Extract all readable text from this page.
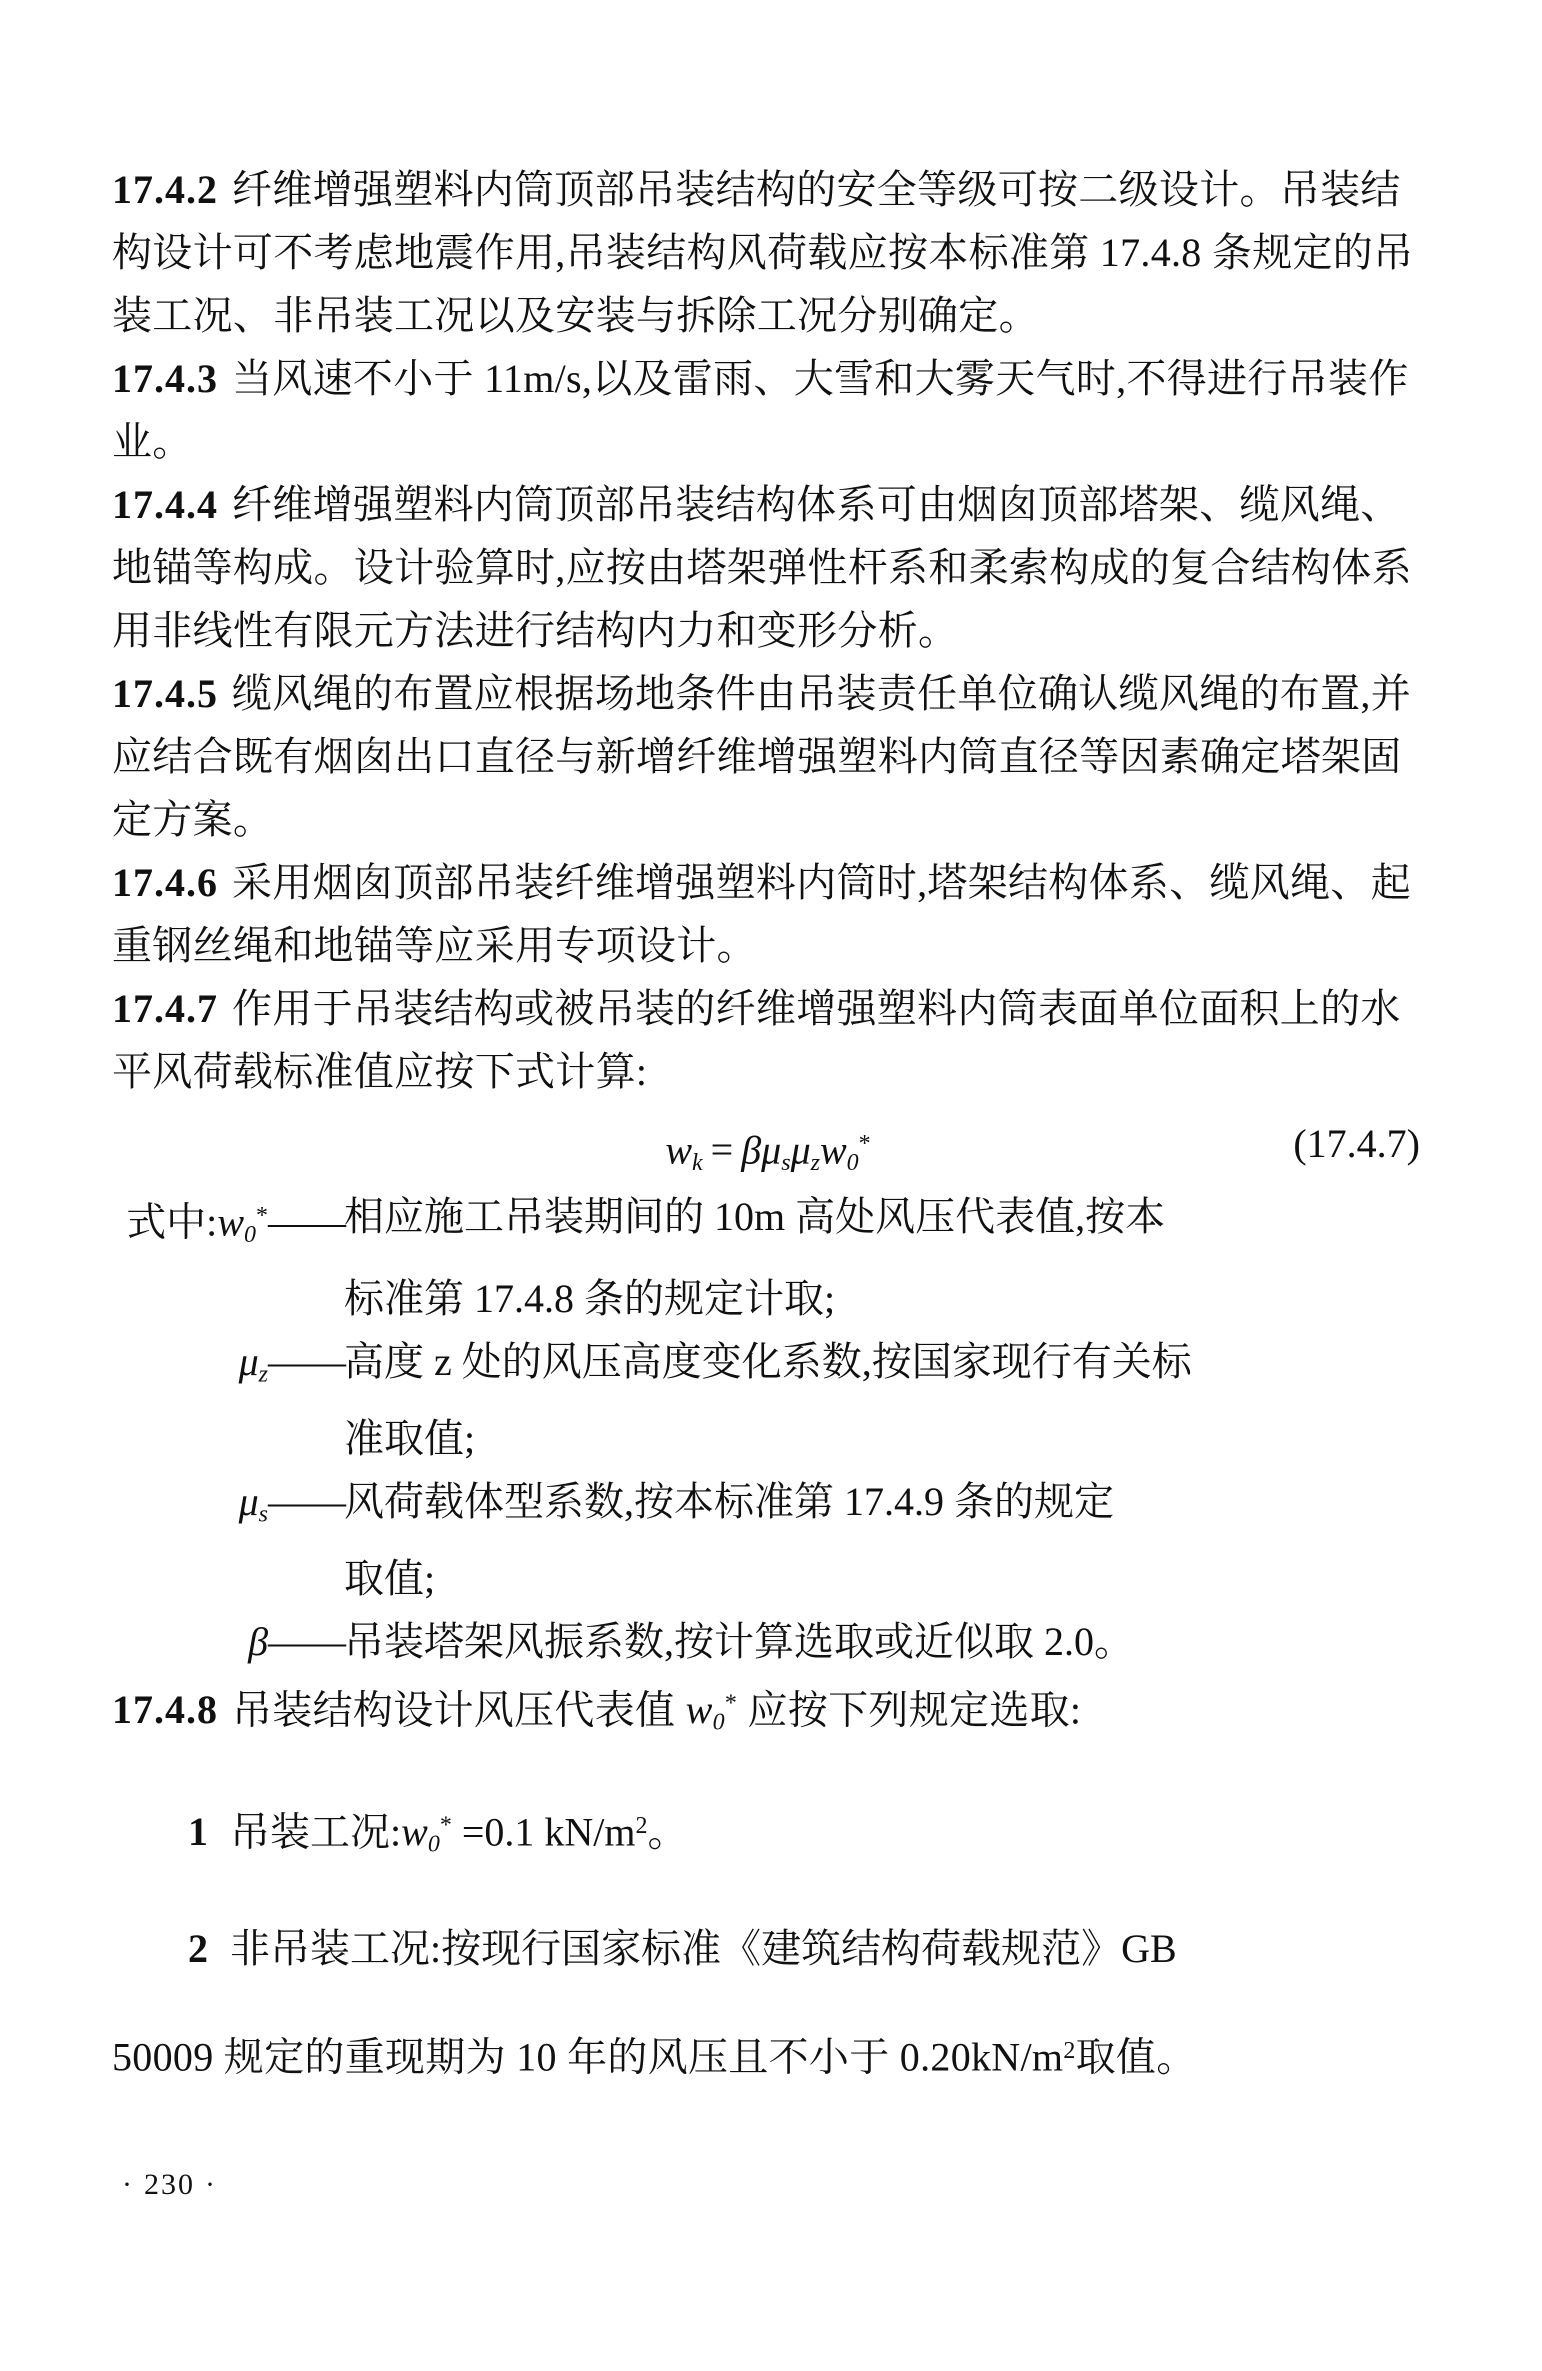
17.4.2 纤维增强塑料内筒顶部吊装结构的安全等级可按二级设计。吊装结构设计可不考虑地震作用,吊装结构风荷载应按本标准第 17.4.8 条规定的吊装工况、非吊装工况以及安装与拆除工况分别确定。

17.4.3 当风速不小于 11m/s,以及雷雨、大雪和大雾天气时,不得进行吊装作业。

17.4.4 纤维增强塑料内筒顶部吊装结构体系可由烟囱顶部塔架、缆风绳、地锚等构成。设计验算时,应按由塔架弹性杆系和柔索构成的复合结构体系用非线性有限元方法进行结构内力和变形分析。

17.4.5 缆风绳的布置应根据场地条件由吊装责任单位确认缆风绳的布置,并应结合既有烟囱出口直径与新增纤维增强塑料内筒直径等因素确定塔架固定方案。

17.4.6 采用烟囱顶部吊装纤维增强塑料内筒时,塔架结构体系、缆风绳、起重钢丝绳和地锚等应采用专项设计。

17.4.7 作用于吊装结构或被吊装的纤维增强塑料内筒表面单位面积上的水平风荷载标准值应按下式计算:

$w_k = \beta\mu_s\mu_zw_0^*$	(17.4.7)
式中$:w_0^*——$ 相应施工吊装期间的 10m 高处风压代表值,按本
标准第 17.4.8 条的规定计取;
$\mu_z——$ 高度 z 处的风压高度变化系数,按国家现行有关标
准取值;
$\mu_s——$ 风荷载体型系数,按本标准第 17.4.9 条的规定
取值;
β—— 吊装塔架风振系数,按计算选取或近似取 2.0。

17.4.8 吊装结构设计风压代表值 $w_0^*$ 应按下列规定选取:

1 吊装工况$:w_0^* =0.1$ $kN/m^2$。

2 非吊装工况:按现行国家标准《建筑结构荷载规范》GB

50009 规定的重现期为 10 年的风压且不小于 $0.20kN/m^2$取值。

· 230 ·
